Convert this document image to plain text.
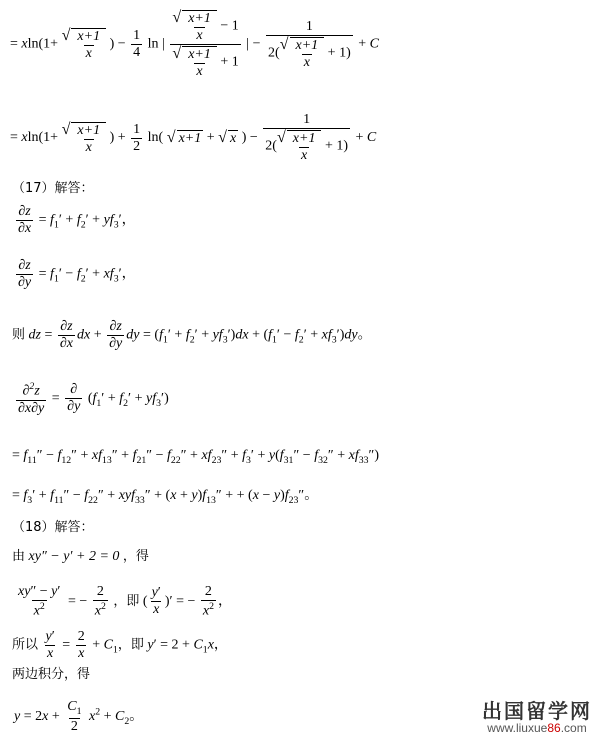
= xln(1+
√ $\frac{x+1}{x}$ ) − $\frac{1}{4}$ ln | $\frac{√ \frac{x+1}{x} - 1}{√ \frac{x+1}{x} + 1}$ | − 1
2(
√ $\frac{x+1}{x} + 1) + C$
= xln(1+
√ $\frac{x+1}{x}$ ) + $\frac{1}{2} \ln$( √ x+1 + √ x ) − 1
2(
√ $\frac{x+1}{x} + 1) + C$
（17）解答：
$\frac{\partial z}{\partial x} = f_1' + f_2' + yf_3'$，
$\frac{\partial z}{\partial y} = f_1' - f_2' + xf_3'$，
则 dz = $\frac{\partial z}{\partial x}$ dx + $\frac{\partial z}{\partial y}$ dy = $(f_1' + f_2' + yf_3')dx + (f_1' - f_2' + xf_3')dy$。
$\frac{\partial^2z}{\partial x\partial y} = \frac{\partial}{\partial y} (f_1' + f_2' + yf_3')$
= $f_{11}'' - f_{12}'' + xf_{13}'' + f_{21}'' - f_{22}'' + xf_{23}'' + f_3' + y(f_{31}'' - f_{32}'' + xf_{33}'')$
= $f_3' + f_{11}'' - f_{22}'' + xyf_{33}'' + (x + y)f_{13}''$ + + $(x - y)f_{23}''$。
（18）解答：
由 xy″ − y′ + 2 = 0 ，得
$\frac{xy'' - y'}{x^2}$ = − $\frac{2}{x^2}$ ，即 ( $\frac{y'}{x}$ )′ = − $\frac{2}{x^2}$ ，
所以 $\frac{y'}{x} = \frac{2}{x} + C_1$，即 $y' = 2 + C_1x$，
两边积分，得
$y = 2x + \frac{C_1}{2} x^2 + C_2$。	出国留学网
www.liuxue86.com
